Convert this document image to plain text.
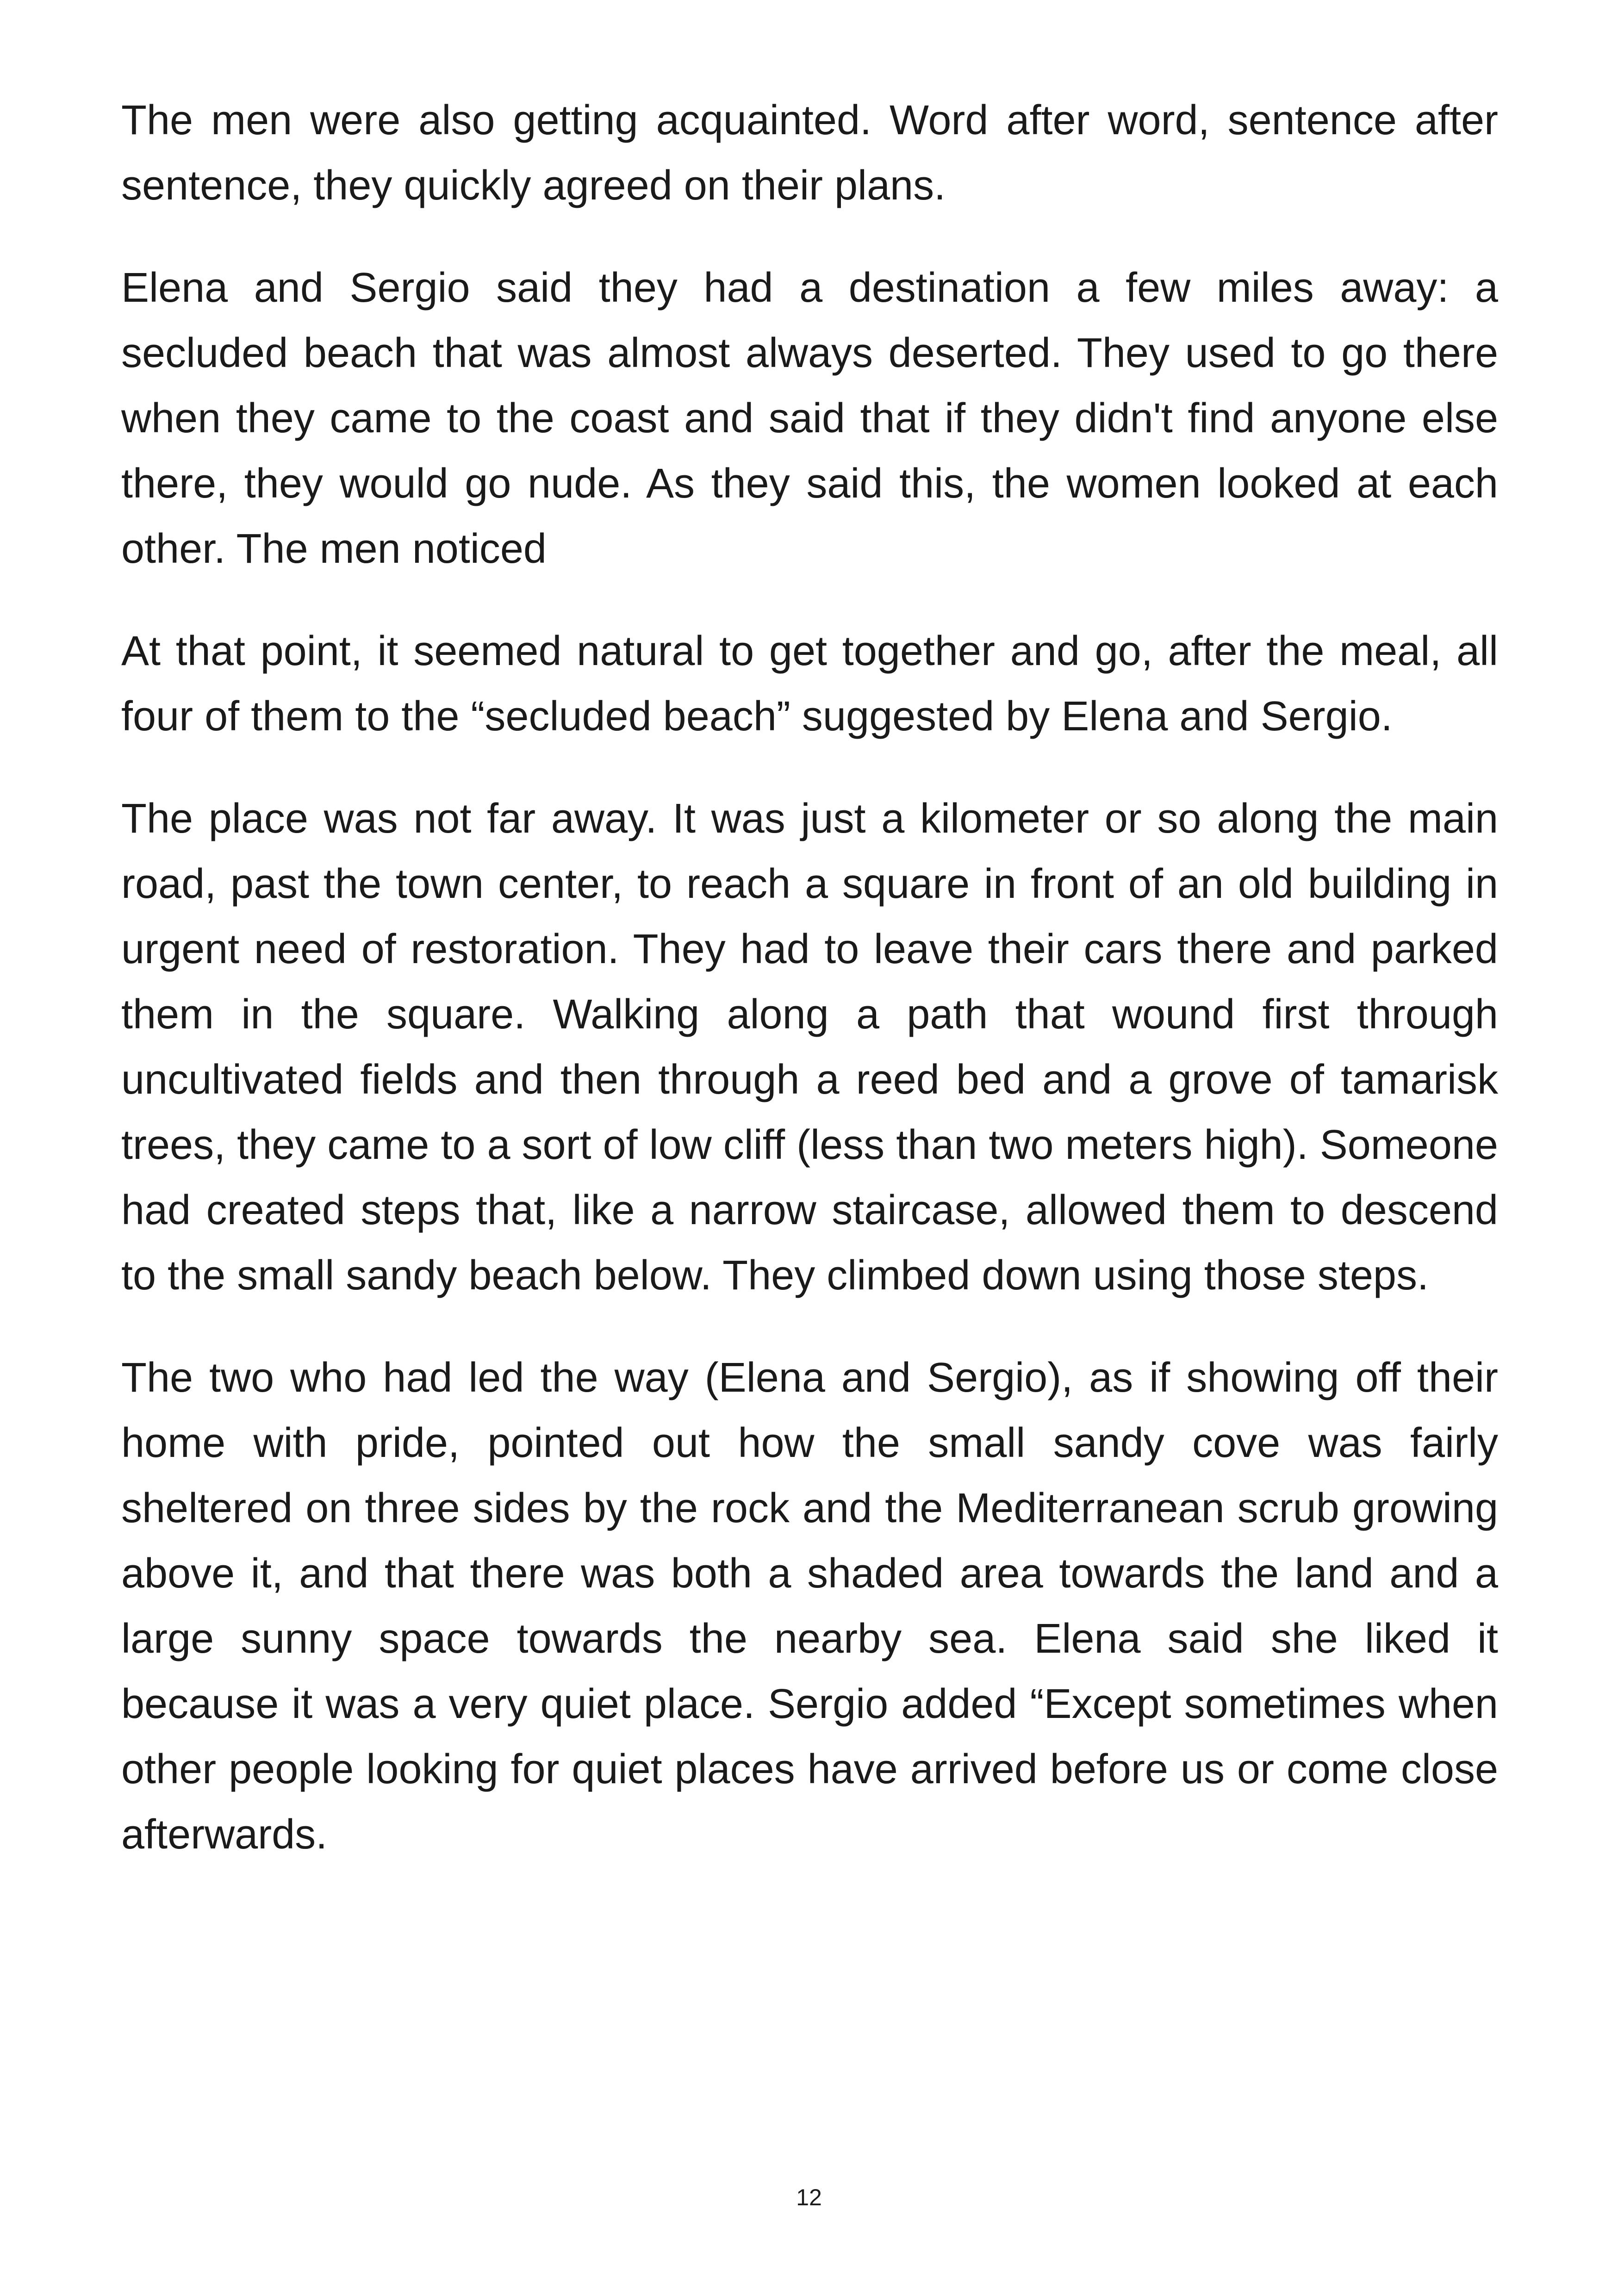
The men were also getting acquainted. Word after word, sentence after sentence, they quickly agreed on their plans.

Elena and Sergio said they had a destination a few miles away: a secluded beach that was almost always deserted. They used to go there when they came to the coast and said that if they didn't find anyone else there, they would go nude. As they said this, the women looked at each other. The men noticed

At that point, it seemed natural to get together and go, after the meal, all four of them to the “secluded beach” suggested by Elena and Sergio.

The place was not far away. It was just a kilometer or so along the main road, past the town center, to reach a square in front of an old building in urgent need of restoration. They had to leave their cars there and parked them in the square. Walking along a path that wound first through uncultivated fields and then through a reed bed and a grove of tamarisk trees, they came to a sort of low cliff (less than two meters high). Someone had created steps that, like a narrow staircase, allowed them to descend to the small sandy beach below. They climbed down using those steps.

The two who had led the way (Elena and Sergio), as if showing off their home with pride, pointed out how the small sandy cove was fairly sheltered on three sides by the rock and the Mediterranean scrub growing above it, and that there was both a shaded area towards the land and a large sunny space towards the nearby sea. Elena said she liked it because it was a very quiet place. Sergio added “Except sometimes when other people looking for quiet places have arrived before us or come close afterwards.

12
